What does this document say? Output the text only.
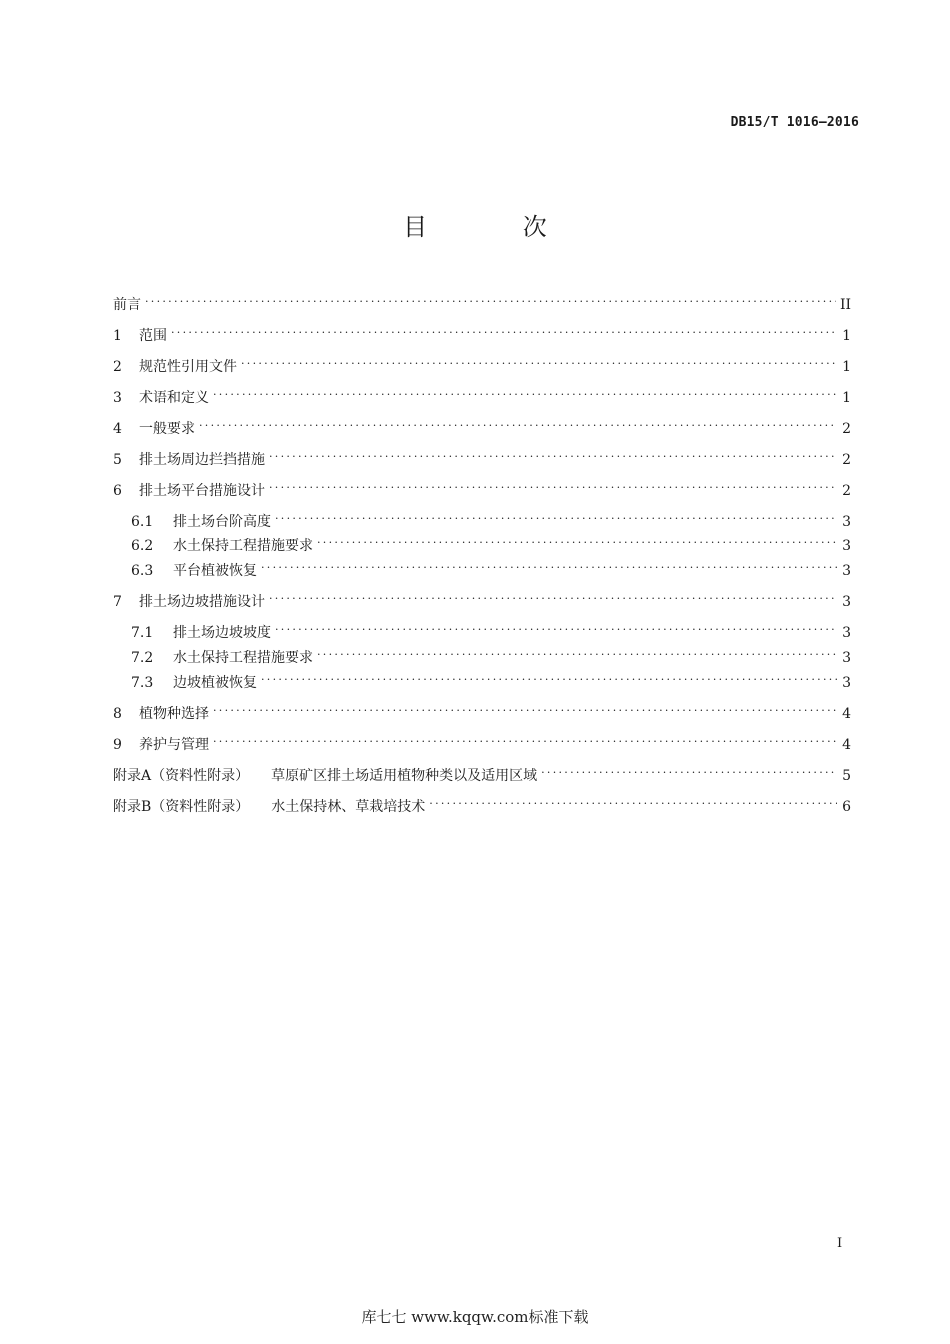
DB15/T 1016—2016
目 次
前言 . . .	II
1	范围 . . .	1
2	规范性引用文件 . . .	1
3	术语和定义 . . .	1
4	一般要求 . . .	2
5	排土场周边拦挡措施 . . .	2
6	排土场平台措施设计 . . .	2
6.1	排土场台阶高度 . . .	3
6.2	水土保持工程措施要求 . . .	3
6.3	平台植被恢复 . . .	3
7	排土场边坡措施设计 . . .	3
7.1	排土场边坡坡度 . . .	3
7.2	水土保持工程措施要求 . . .	3
7.3	边坡植被恢复 . . .	3
8	植物种选择 . . .	4
9	养护与管理 . . .	4
附录A（资料性附录） 草原矿区排土场适用植物种类以及适用区域 . . .	5
附录B（资料性附录） 水土保持林、草栽培技术 . . .	6
I
库七七 www.kqqw.com标准下载
